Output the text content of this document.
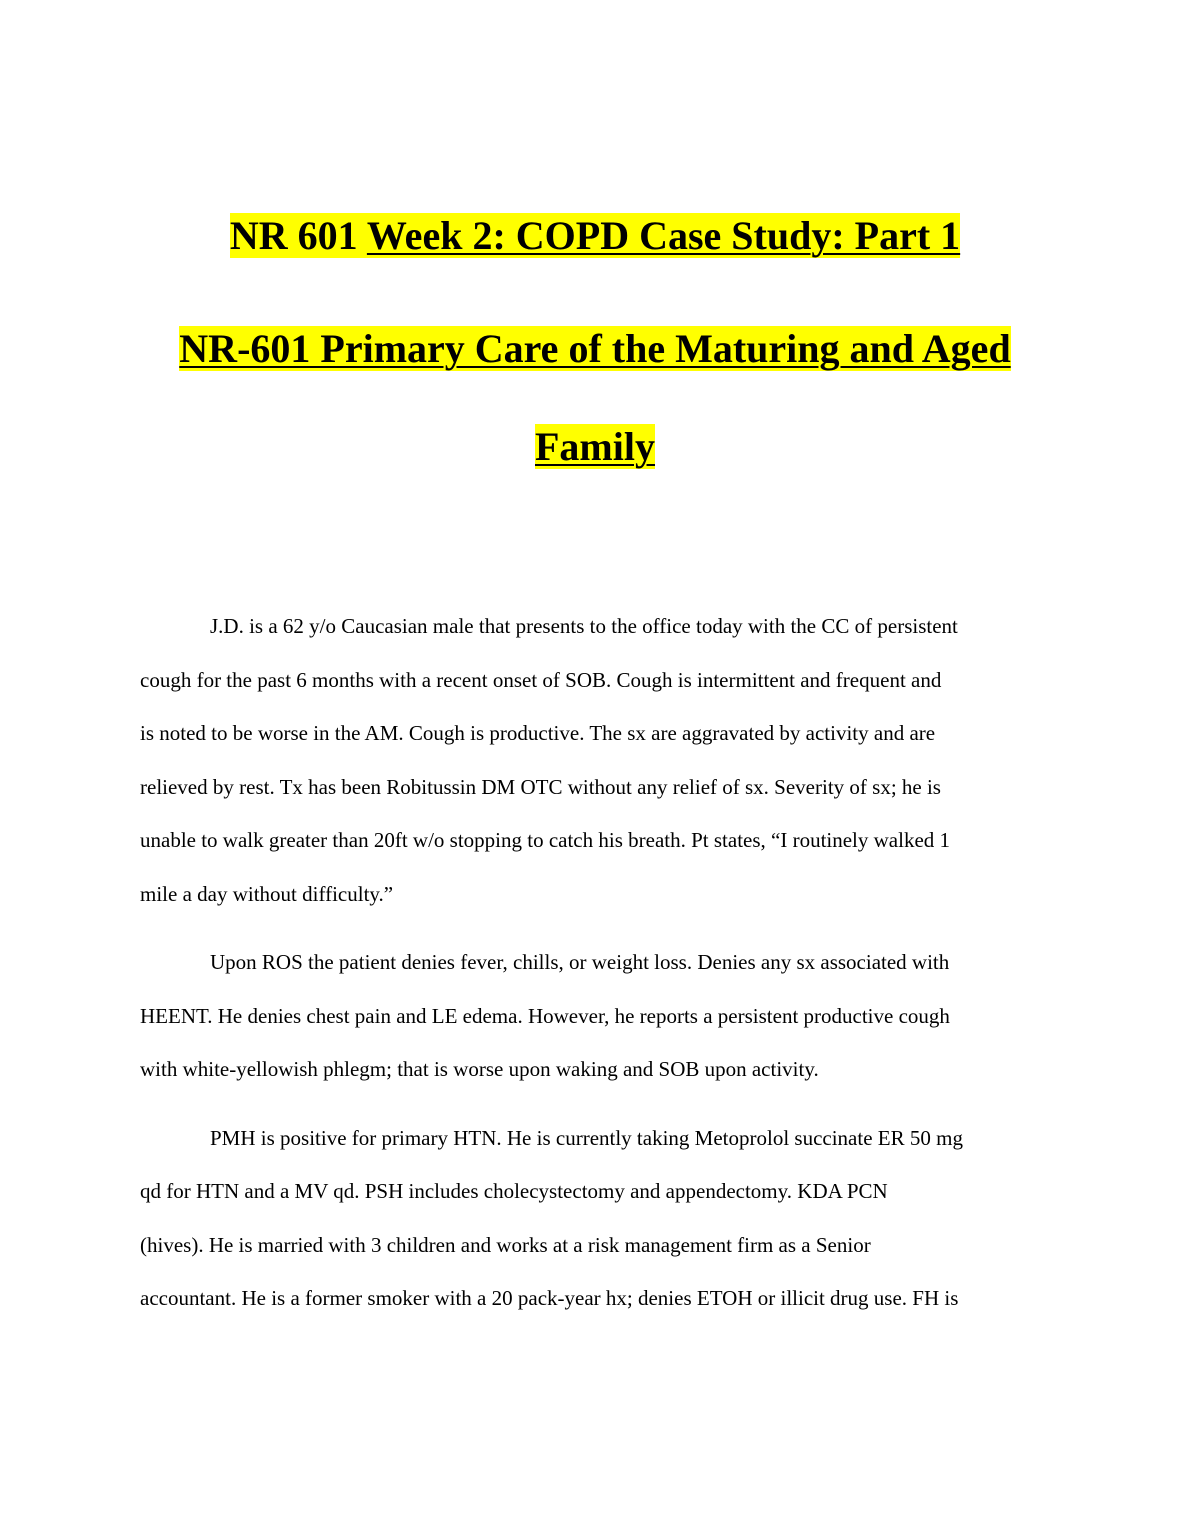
NR 601 Week 2: COPD Case Study: Part 1
NR-601 Primary Care of the Maturing and Aged
Family
J.D. is a 62 y/o Caucasian male that presents to the office today with the CC of persistent
cough for the past 6 months with a recent onset of SOB. Cough is intermittent and frequent and
is noted to be worse in the AM. Cough is productive. The sx are aggravated by activity and are
relieved by rest. Tx has been Robitussin DM OTC without any relief of sx. Severity of sx; he is
unable to walk greater than 20ft w/o stopping to catch his breath. Pt states, “I routinely walked 1
mile a day without difficulty.”
Upon ROS the patient denies fever, chills, or weight loss. Denies any sx associated with
HEENT. He denies chest pain and LE edema. However, he reports a persistent productive cough
with white-yellowish phlegm; that is worse upon waking and SOB upon activity.
PMH is positive for primary HTN. He is currently taking Metoprolol succinate ER 50 mg
qd for HTN and a MV qd. PSH includes cholecystectomy and appendectomy. KDA PCN
(hives). He is married with 3 children and works at a risk management firm as a Senior
accountant. He is a former smoker with a 20 pack-year hx; denies ETOH or illicit drug use. FH is
